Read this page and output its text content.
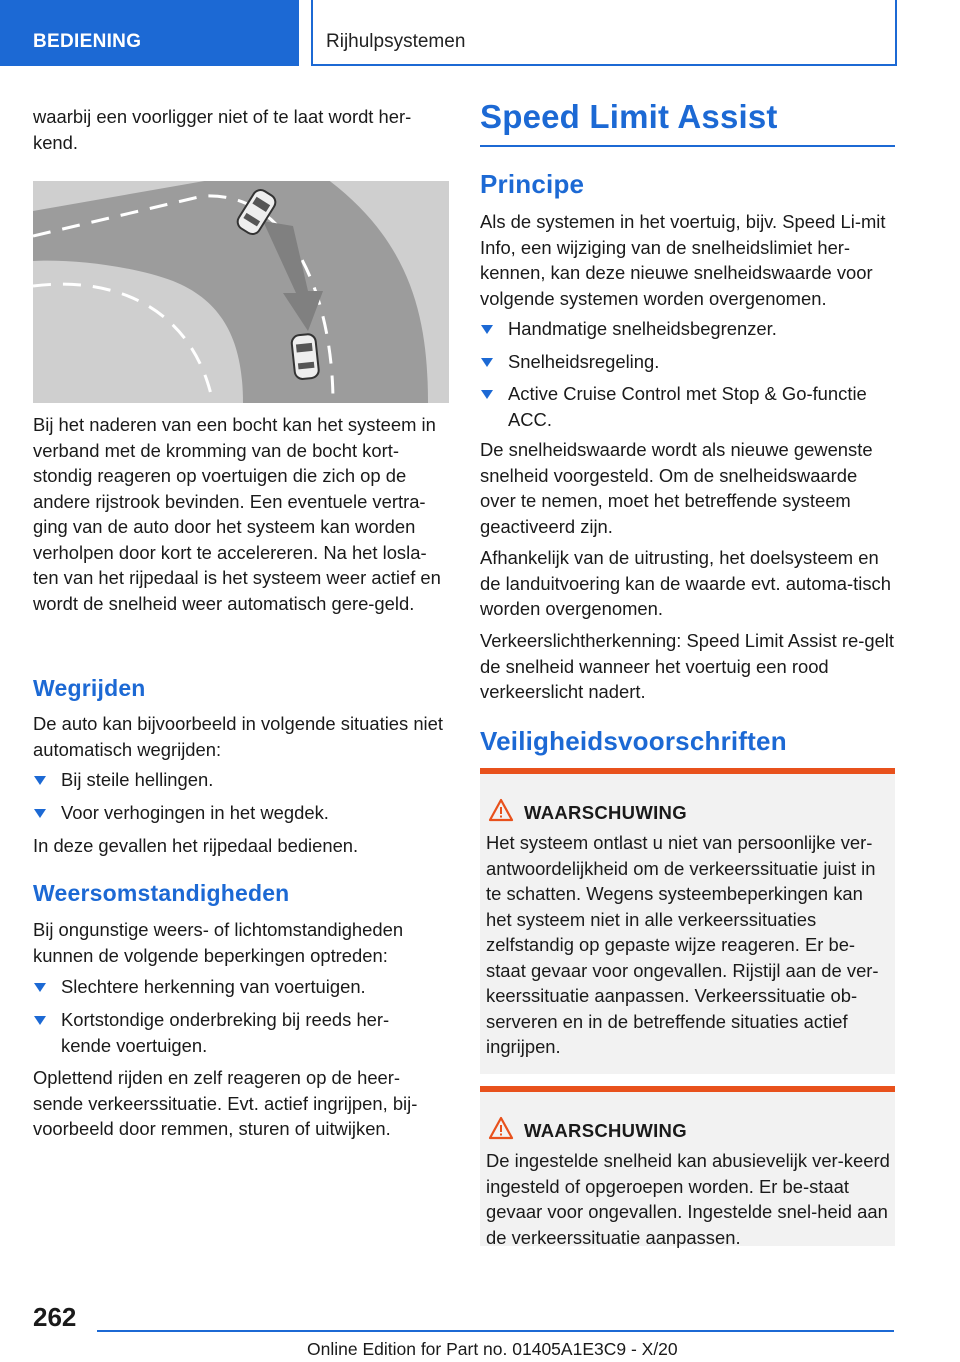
BEDIENING	Rijhulpsystemen

waarbij een voorligger niet of te laat wordt her-
kend.

Bij het naderen van een bocht kan het systeem in verband met de kromming van de bocht kort-stondig reageren op voertuigen die zich op de andere rijstrook bevinden. Een eventuele vertra-ging van de auto door het systeem kan worden verholpen door kort te accelereren. Na het losla-ten van het rijpedaal is het systeem weer actief en wordt de snelheid weer automatisch gere-geld.

Wegrijden

De auto kan bijvoorbeeld in volgende situaties niet automatisch wegrijden:

Bij steile hellingen.
Voor verhogingen in het wegdek.

In deze gevallen het rijpedaal bedienen.

Weersomstandigheden

Bij ongunstige weers- of lichtomstandigheden kunnen de volgende beperkingen optreden:

Slechtere herkenning van voertuigen.
Kortstondige onderbreking bij reeds her-kende voertuigen.

Oplettend rijden en zelf reageren op de heer-sende verkeerssituatie. Evt. actief ingrijpen, bij-voorbeeld door remmen, sturen of uitwijken.

Speed Limit Assist
Principe

Als de systemen in het voertuig, bijv. Speed Li-mit Info, een wijziging van de snelheidslimiet her-kennen, kan deze nieuwe snelheidswaarde voor volgende systemen worden overgenomen.

Handmatige snelheidsbegrenzer.
Snelheidsregeling.
Active Cruise Control met Stop & Go-functie ACC.

De snelheidswaarde wordt als nieuwe gewenste snelheid voorgesteld. Om de snelheidswaarde over te nemen, moet het betreffende systeem geactiveerd zijn.

Afhankelijk van de uitrusting, het doelsysteem en de landuitvoering kan de waarde evt. automa-tisch worden overgenomen.

Verkeerslichtherkenning: Speed Limit Assist re-gelt de snelheid wanneer het voertuig een rood verkeerslicht nadert.

Veiligheidsvoorschriften
WAARSCHUWING
Het systeem ontlast u niet van persoonlijke ver-antwoordelijkheid om de verkeerssituatie juist in te schatten. Wegens systeembeperkingen kan het systeem niet in alle verkeerssituaties zelfstandig op gepaste wijze reageren. Er be-staat gevaar voor ongevallen. Rijstijl aan de ver-keerssituatie aanpassen. Verkeerssituatie ob-serveren en in de betreffende situaties actief ingrijpen.
WAARSCHUWING
De ingestelde snelheid kan abusievelijk ver-keerd ingesteld of opgeroepen worden. Er be-staat gevaar voor ongevallen. Ingestelde snel-heid aan de verkeerssituatie aanpassen.
262
Online Edition for Part no. 01405A1E3C9 - X/20
